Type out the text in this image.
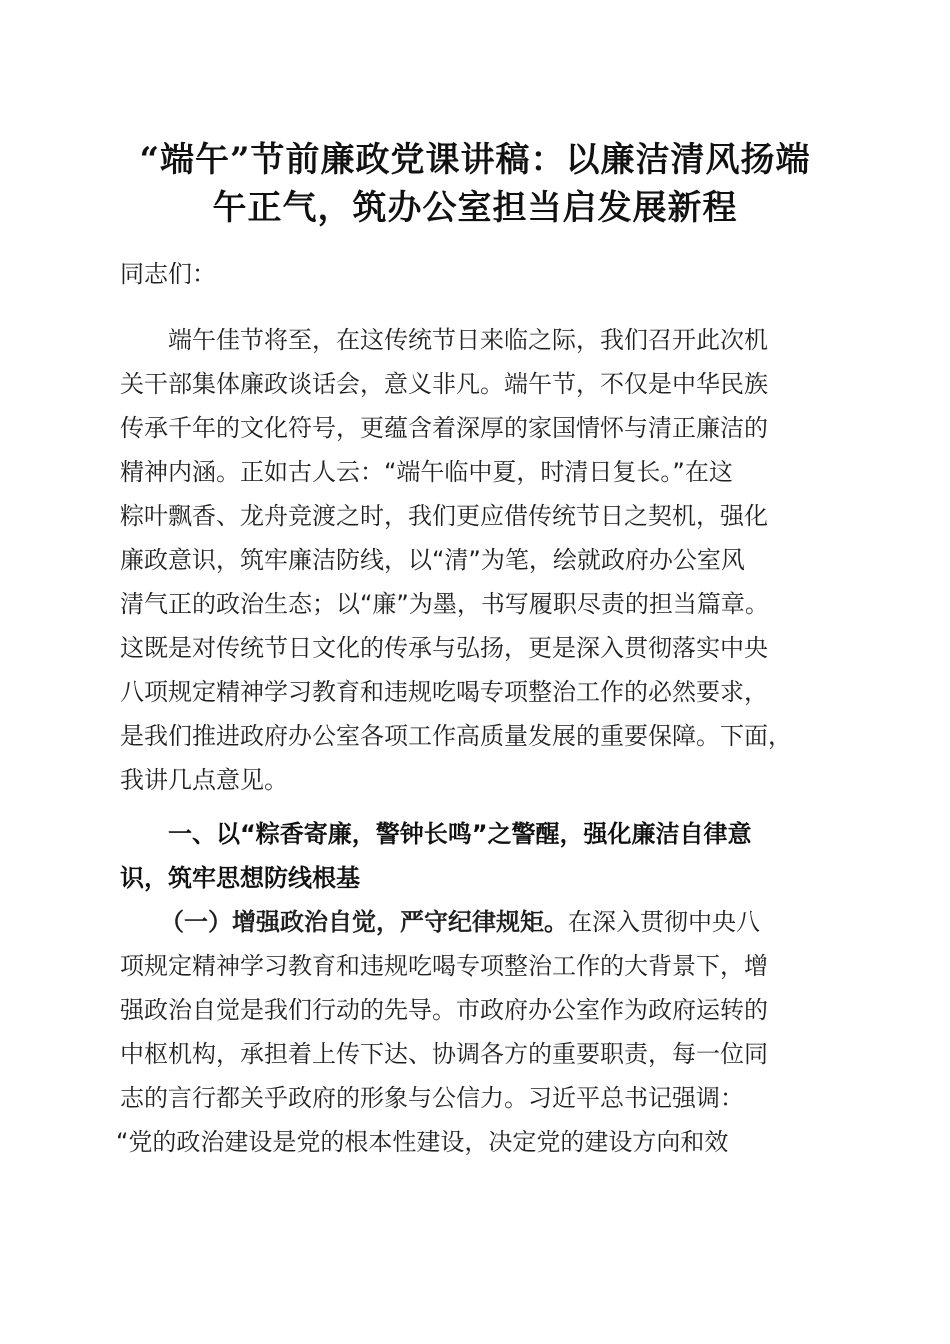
“端午”节前廉政党课讲稿：以廉洁清风扬端
午正气，筑办公室担当启发展新程

同志们：

端午佳节将至，在这传统节日来临之际，我们召开此次机

关干部集体廉政谈话会，意义非凡。端午节，不仅是中华民族

传承千年的文化符号，更蕴含着深厚的家国情怀与清正廉洁的

精神内涵。正如古人云：“端午临中夏，时清日复长。”在这

粽叶飘香、龙舟竞渡之时，我们更应借传统节日之契机，强化

廉政意识，筑牢廉洁防线，以“清”为笔，绘就政府办公室风

清气正的政治生态；以“廉”为墨，书写履职尽责的担当篇章。

这既是对传统节日文化的传承与弘扬，更是深入贯彻落实中央

八项规定精神学习教育和违规吃喝专项整治工作的必然要求，

是我们推进政府办公室各项工作高质量发展的重要保障。下面，

我讲几点意见。

一、以“粽香寄廉，警钟长鸣”之警醒，强化廉洁自律意

识，筑牢思想防线根基

（一）增强政治自觉，严守纪律规矩。在深入贯彻中央八

项规定精神学习教育和违规吃喝专项整治工作的大背景下，增

强政治自觉是我们行动的先导。市政府办公室作为政府运转的

中枢机构，承担着上传下达、协调各方的重要职责，每一位同

志的言行都关乎政府的形象与公信力。习近平总书记强调：

“党的政治建设是党的根本性建设，决定党的建设方向和效
